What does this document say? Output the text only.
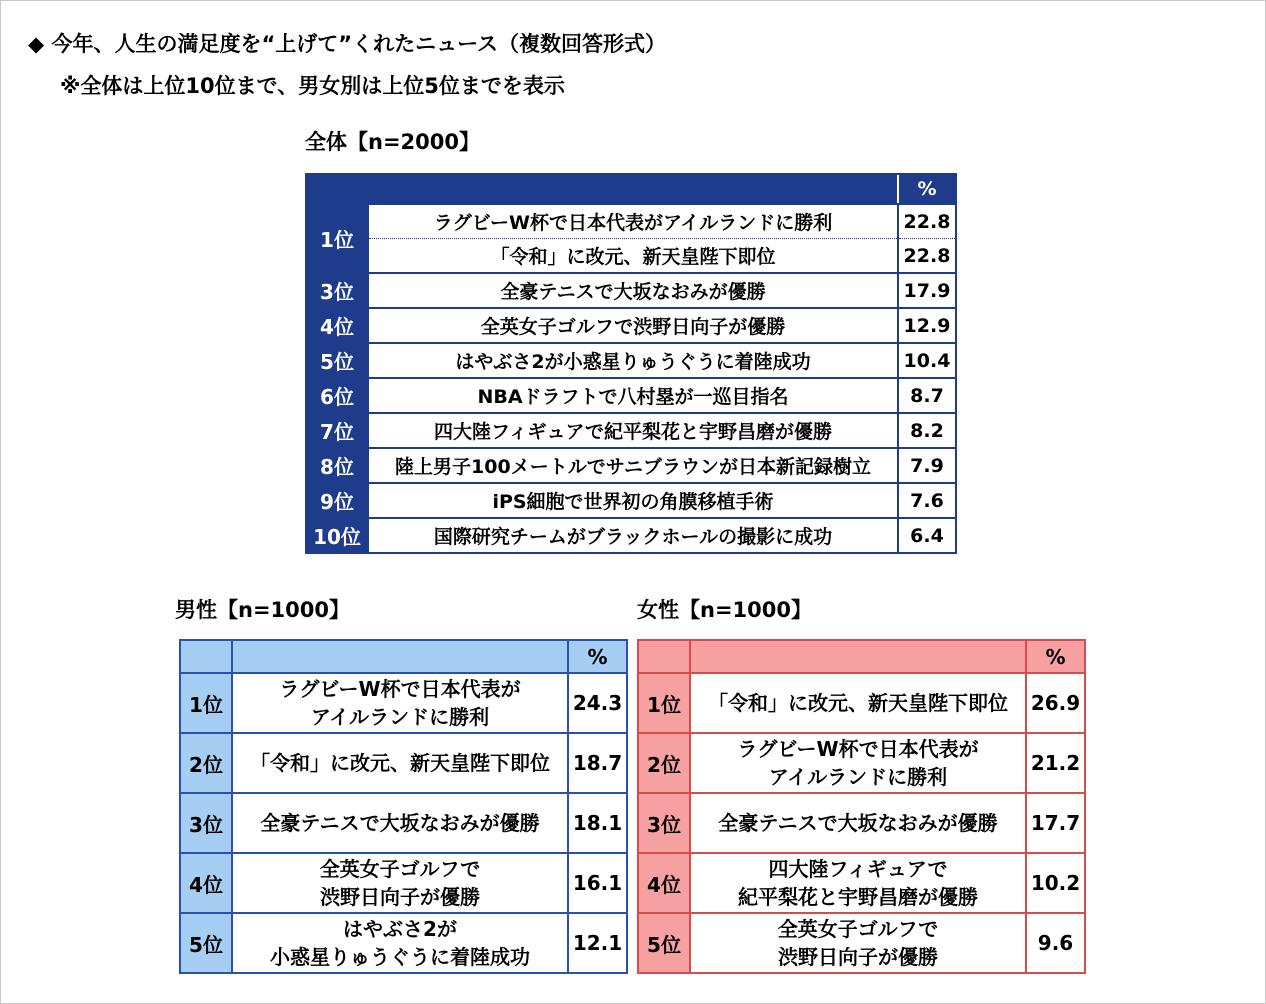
◆ 今年、人生の満足度を“上げて”くれたニュース（複数回答形式）
※全体は上位10位まで、男女別は上位5位までを表示
全体【n=2000】
		%
1位	ラグビーW杯で日本代表がアイルランドに勝利	22.8
	「令和」に改元、新天皇陛下即位	22.8
3位	全豪テニスで大坂なおみが優勝	17.9
4位	全英女子ゴルフで渋野日向子が優勝	12.9
5位	はやぶさ2が小惑星りゅうぐうに着陸成功	10.4
6位	NBAドラフトで八村塁が一巡目指名	8.7
7位	四大陸フィギュアで紀平梨花と宇野昌磨が優勝	8.2
8位	陸上男子100メートルでサニブラウンが日本新記録樹立	7.9
9位	iPS細胞で世界初の角膜移植手術	7.6
10位	国際研究チームがブラックホールの撮影に成功	6.4
男性【n=1000】
		%
1位	ラグビーW杯で日本代表が
アイルランドに勝利	24.3
2位	「令和」に改元、新天皇陛下即位	18.7
3位	全豪テニスで大坂なおみが優勝	18.1
4位	全英女子ゴルフで
渋野日向子が優勝	16.1
5位	はやぶさ2が
小惑星りゅうぐうに着陸成功	12.1
女性【n=1000】
		%
1位	「令和」に改元、新天皇陛下即位	26.9
2位	ラグビーW杯で日本代表が
アイルランドに勝利	21.2
3位	全豪テニスで大坂なおみが優勝	17.7
4位	四大陸フィギュアで
紀平梨花と宇野昌磨が優勝	10.2
5位	全英女子ゴルフで
渋野日向子が優勝	9.6
